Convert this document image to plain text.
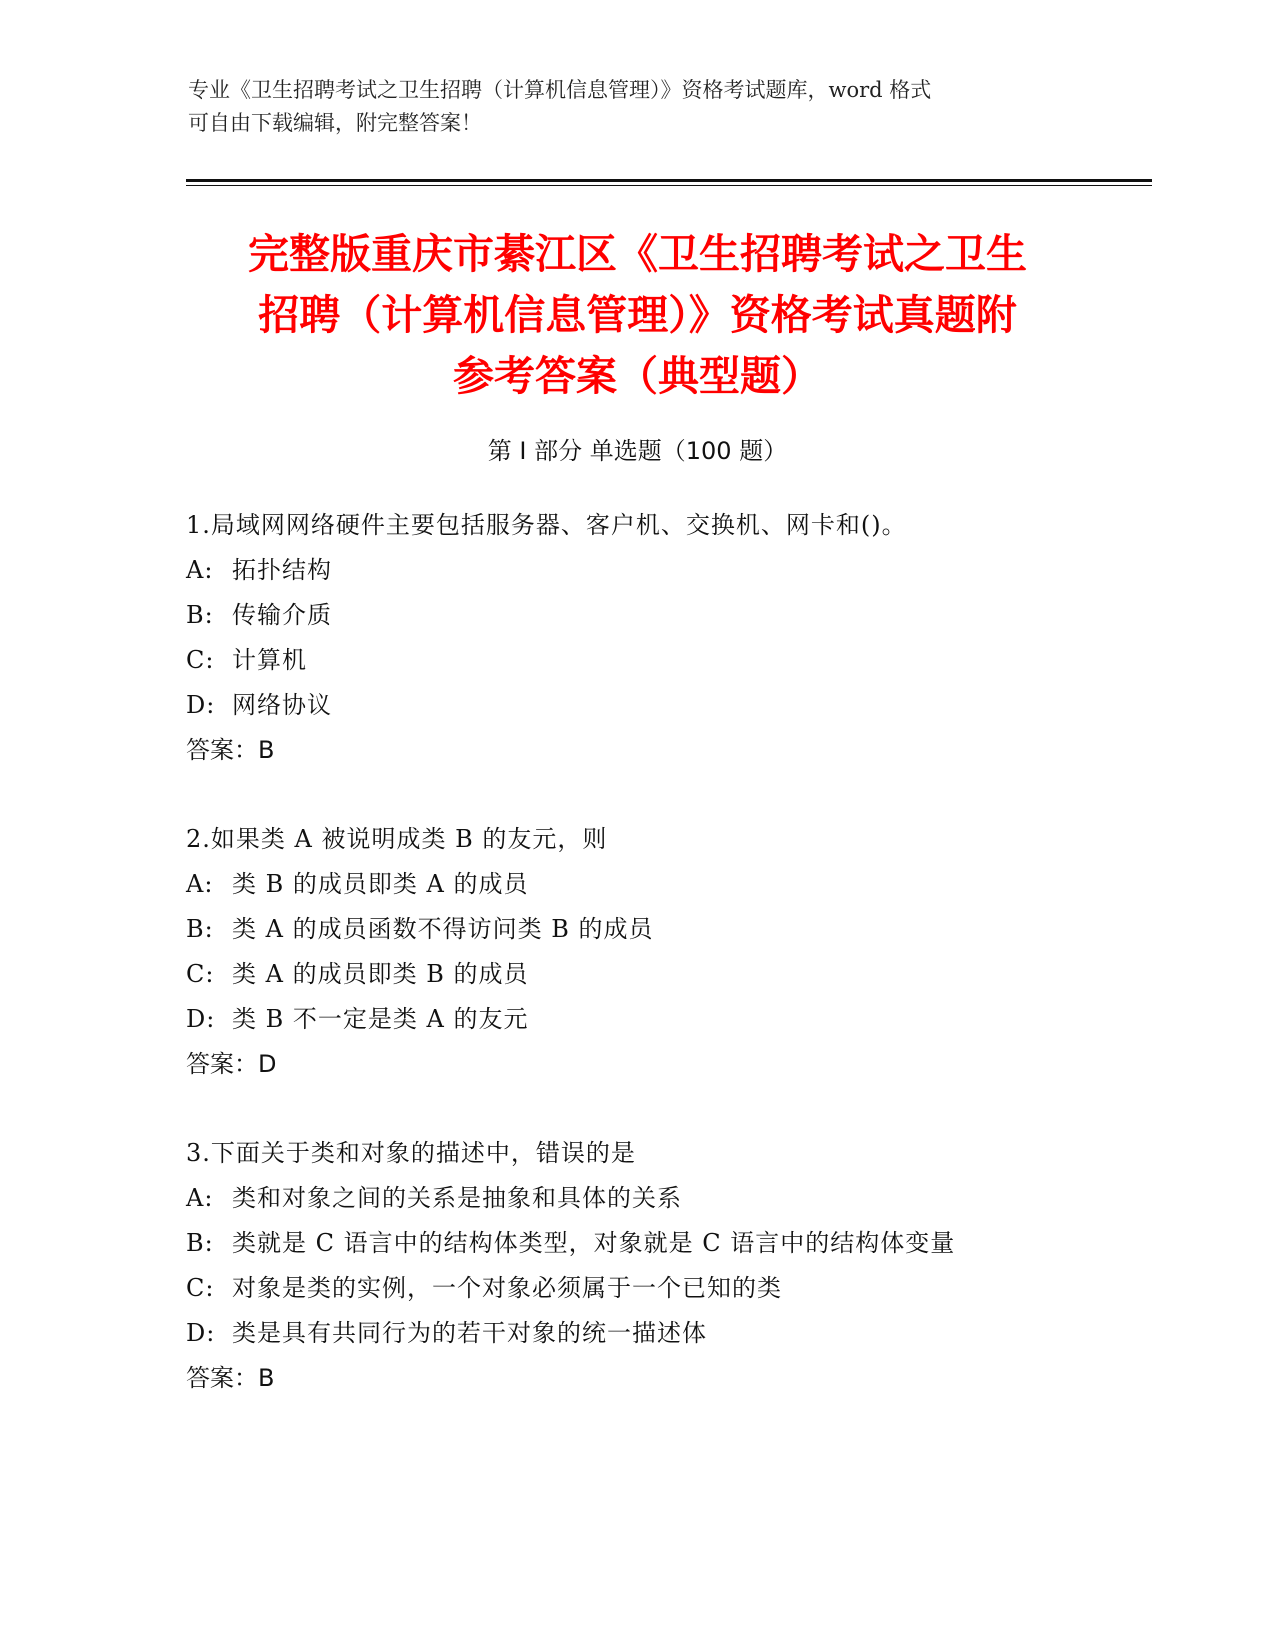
专业《卫生招聘考试之卫生招聘（计算机信息管理）》资格考试题库，word 格式
可自由下载编辑，附完整答案！
完整版重庆市綦江区《卫生招聘考试之卫生
招聘（计算机信息管理）》资格考试真题附
参考答案（典型题）
第 I 部分 单选题（100 题）
1.局域网网络硬件主要包括服务器、客户机、交换机、网卡和()。
A: 拓扑结构
B: 传输介质
C: 计算机
D: 网络协议
答案：B
2.如果类 A 被说明成类 B 的友元，则
A: 类 B 的成员即类 A 的成员
B: 类 A 的成员函数不得访问类 B 的成员
C: 类 A 的成员即类 B 的成员
D: 类 B 不一定是类 A 的友元
答案：D
3.下面关于类和对象的描述中，错误的是
A: 类和对象之间的关系是抽象和具体的关系
B: 类就是 C 语言中的结构体类型，对象就是 C 语言中的结构体变量
C: 对象是类的实例，一个对象必须属于一个已知的类
D: 类是具有共同行为的若干对象的统一描述体
答案：B
